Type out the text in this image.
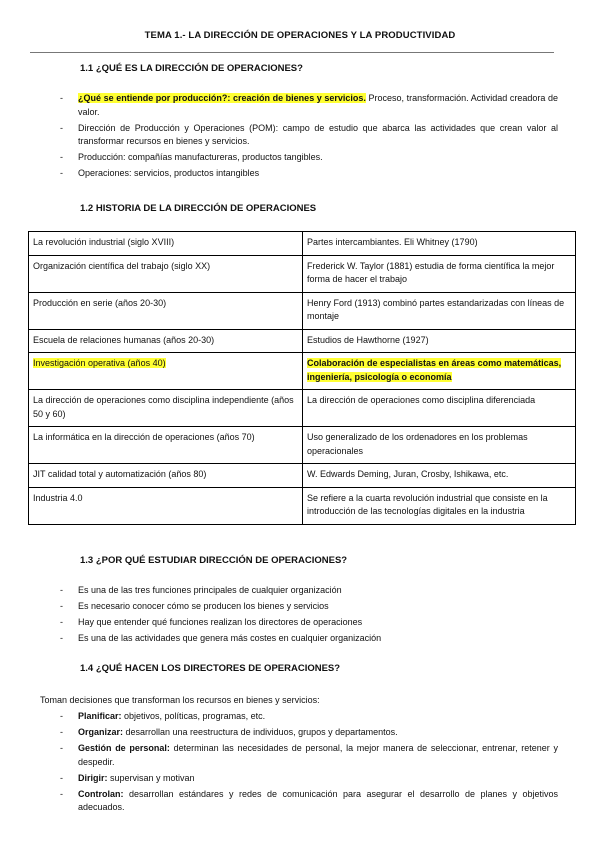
TEMA 1.- LA DIRECCIÓN DE OPERACIONES Y LA PRODUCTIVIDAD
1.1 ¿QUÉ ES LA DIRECCIÓN DE OPERACIONES?
- ¿Qué se entiende por producción?: creación de bienes y servicios. Proceso, transformación. Actividad creadora de valor.
- Dirección de Producción y Operaciones (POM): campo de estudio que abarca las actividades que crean valor al transformar recursos en bienes y servicios.
- Producción: compañías manufactureras, productos tangibles.
- Operaciones: servicios, productos intangibles
1.2 HISTORIA DE LA DIRECCIÓN DE OPERACIONES
La revolución industrial (siglo XVIII)	Partes intercambiantes. Eli Whitney (1790)
Organización científica del trabajo (siglo XX)	Frederick W. Taylor (1881) estudia de forma científica la mejor forma de hacer el trabajo
Producción en serie (años 20-30)	Henry Ford (1913) combinó partes estandarizadas con líneas de montaje
Escuela de relaciones humanas (años 20-30)	Estudios de Hawthorne (1927)
Investigación operativa (años 40)	Colaboración de especialistas en áreas como matemáticas, ingeniería, psicología o economía
La dirección de operaciones como disciplina independiente (años 50 y 60)	La dirección de operaciones como disciplina diferenciada
La informática en la dirección de operaciones (años 70)	Uso generalizado de los ordenadores en los problemas operacionales
JIT calidad total y automatización (años 80)	W. Edwards Deming, Juran, Crosby, Ishikawa, etc.
Industria 4.0	Se refiere a la cuarta revolución industrial que consiste en la introducción de las tecnologías digitales en la industria
1.3 ¿POR QUÉ ESTUDIAR DIRECCIÓN DE OPERACIONES?
- Es una de las tres funciones principales de cualquier organización
- Es necesario conocer cómo se producen los bienes y servicios
- Hay que entender qué funciones realizan los directores de operaciones
- Es una de las actividades que genera más costes en cualquier organización
1.4 ¿QUÉ HACEN LOS DIRECTORES DE OPERACIONES?
Toman decisiones que transforman los recursos en bienes y servicios:
- Planificar: objetivos, políticas, programas, etc.
- Organizar: desarrollan una reestructura de individuos, grupos y departamentos.
- Gestión de personal: determinan las necesidades de personal, la mejor manera de seleccionar, entrenar, retener y despedir.
- Dirigir: supervisan y motivan
- Controlan: desarrollan estándares y redes de comunicación para asegurar el desarrollo de planes y objetivos adecuados.
